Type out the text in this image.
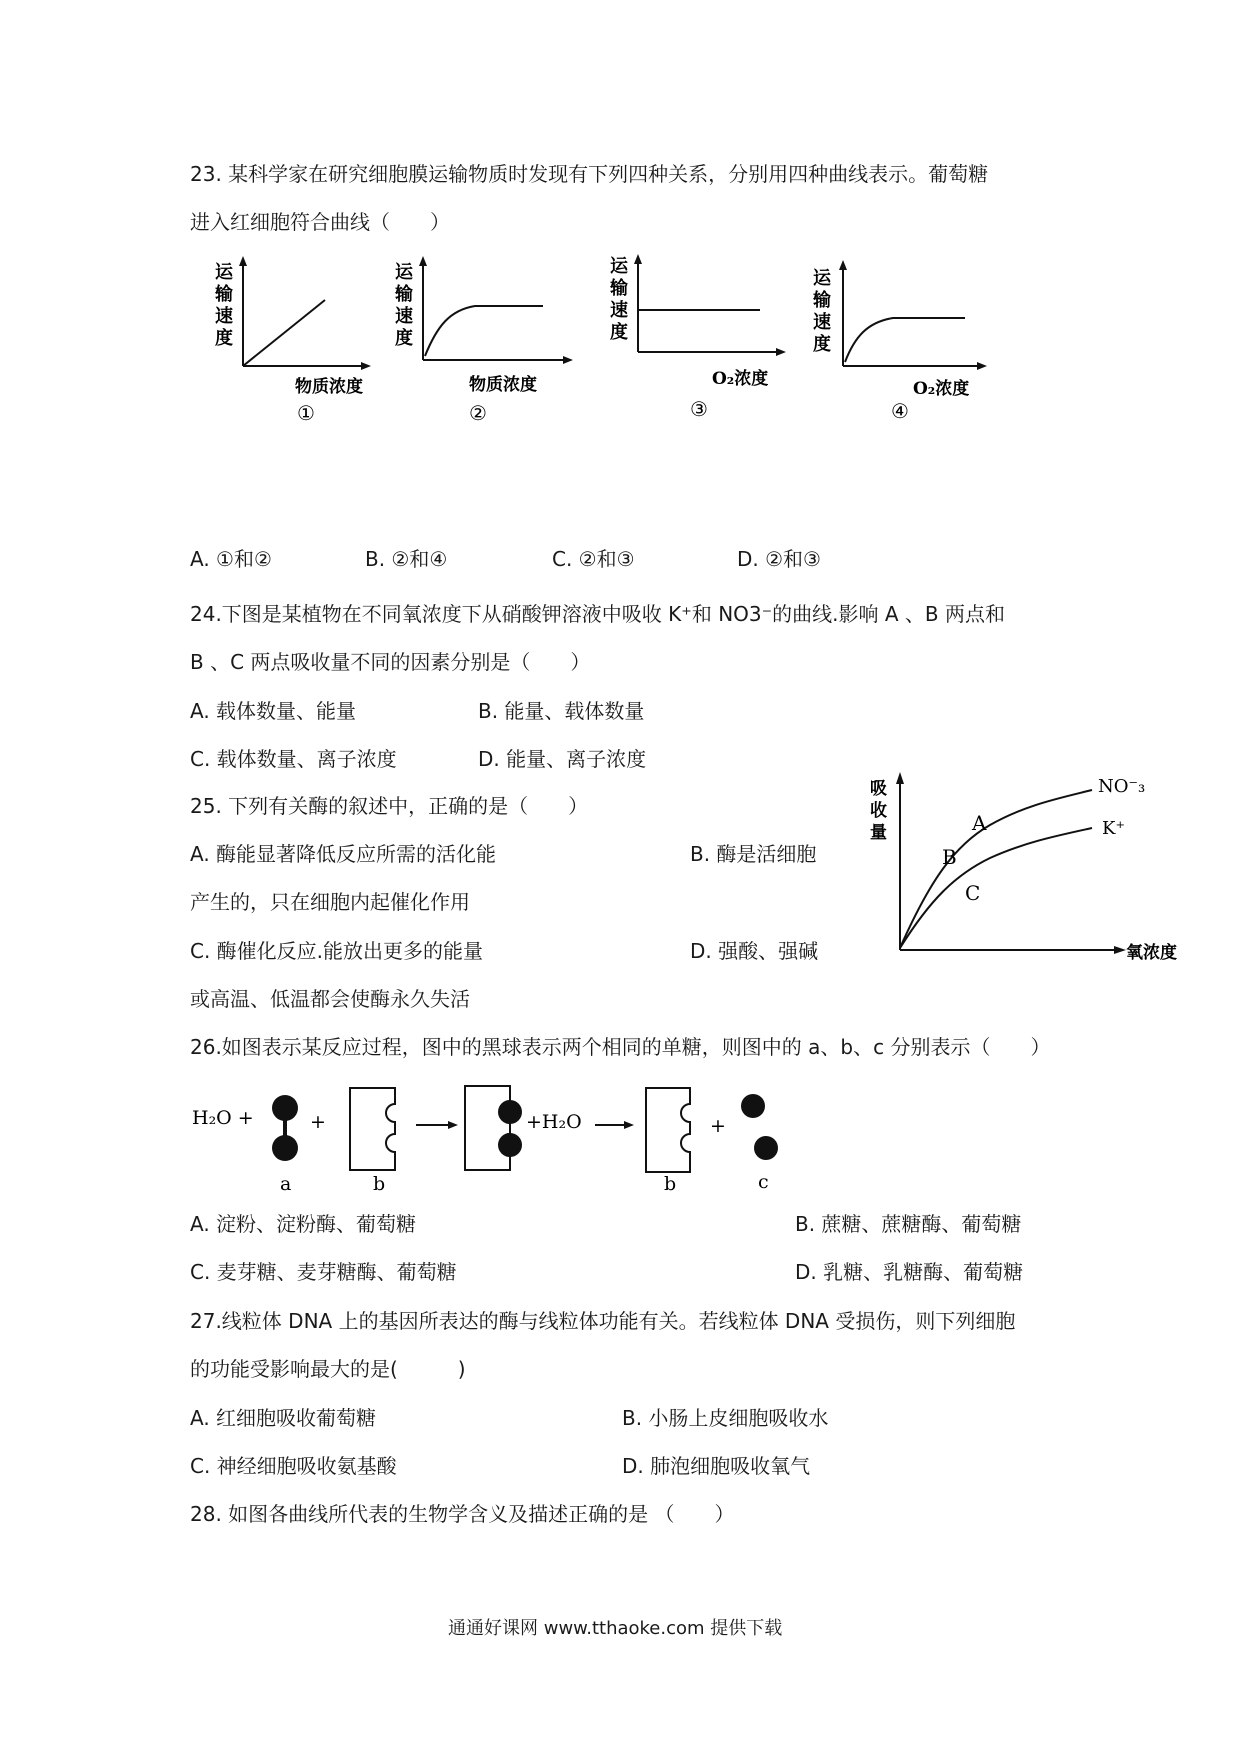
23. 某科学家在研究细胞膜运输物质时发现有下列四种关系，分别用四种曲线表示。葡萄糖
进入红细胞符合曲线（　　）
运
输
速
度
物质浓度
①
运
输
速
度
物质浓度
②
运
输
速
度
O₂浓度
③
运
输
速
度
O₂浓度
④
A. ①和②	B. ②和④	C. ②和③	D. ②和③
24.下图是某植物在不同氧浓度下从硝酸钾溶液中吸收 K⁺和 NO3⁻的曲线.影响 A 、B 两点和
B 、C 两点吸收量不同的因素分别是（　　）
A. 载体数量、能量	B. 能量、载体数量
C. 载体数量、离子浓度	D. 能量、离子浓度
吸
收
量
氧浓度
NO⁻₃
K⁺
A
B
C
25. 下列有关酶的叙述中，正确的是（　　）
A. 酶能显著降低反应所需的活化能	B. 酶是活细胞
产生的，只在细胞内起催化作用
C. 酶催化反应.能放出更多的能量	D. 强酸、强碱
或高温、低温都会使酶永久失活
26.如图表示某反应过程，图中的黑球表示两个相同的单糖，则图中的 a、b、c 分别表示（　　）
H₂O +
a
+
b
+H₂O
b
+
c
A. 淀粉、淀粉酶、葡萄糖	B. 蔗糖、蔗糖酶、葡萄糖
C. 麦芽糖、麦芽糖酶、葡萄糖	D. 乳糖、乳糖酶、葡萄糖
27.线粒体 DNA 上的基因所表达的酶与线粒体功能有关。若线粒体 DNA 受损伤，则下列细胞
的功能受影响最大的是(　　　)
A. 红细胞吸收葡萄糖	B. 小肠上皮细胞吸收水
C. 神经细胞吸收氨基酸	D. 肺泡细胞吸收氧气
28. 如图各曲线所代表的生物学含义及描述正确的是 （　　）
通通好课网 www.tthaoke.com 提供下载
